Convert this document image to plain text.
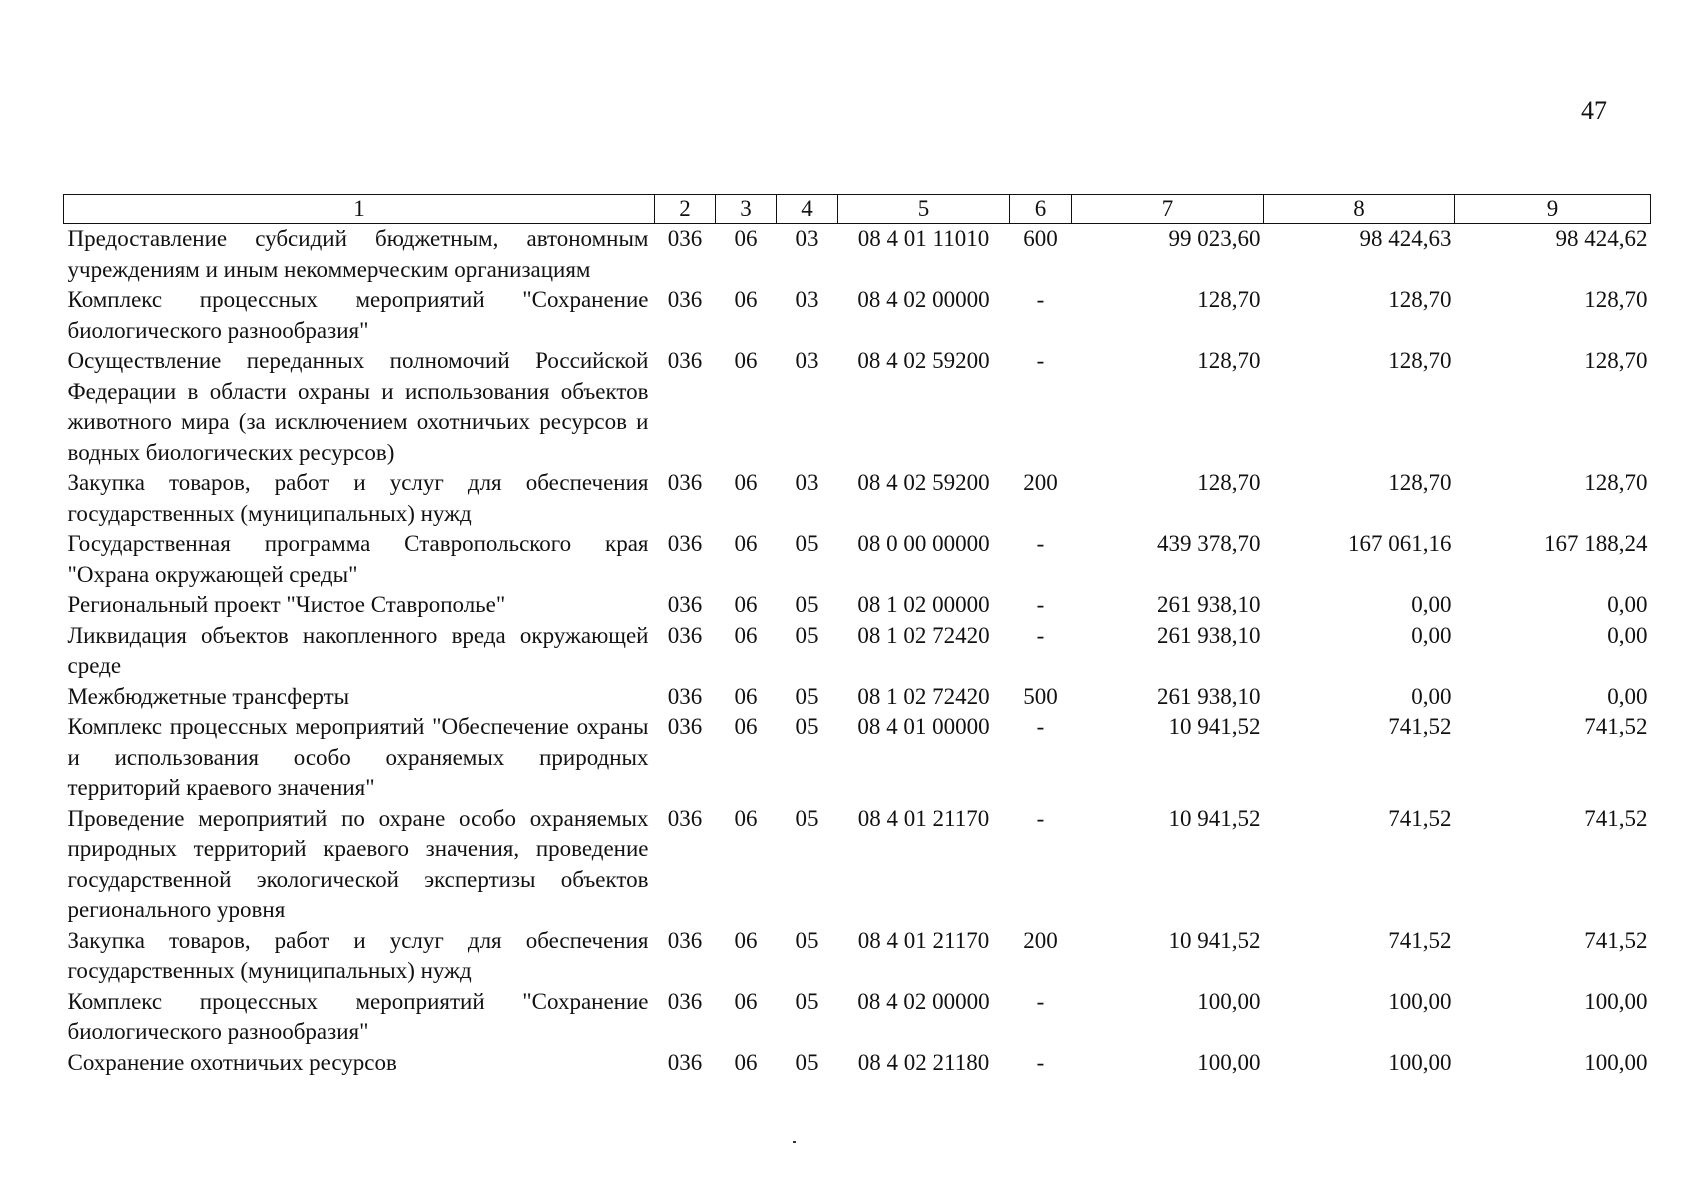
47
1	2	3	4	5	6	7	8	9
Предоставление субсидий бюджетным, автономным учреждениям и иным некоммерческим организациям	036	06	03	08 4 01 11010	600	99 023,60	98 424,63	98 424,62
Комплекс процессных мероприятий "Сохранение биологического разнообразия"	036	06	03	08 4 02 00000	-	128,70	128,70	128,70
Осуществление переданных полномочий Российской Федерации в области охраны и использования объектов животного мира (за исключением охотничьих ресурсов и водных биологических ресурсов)	036	06	03	08 4 02 59200	-	128,70	128,70	128,70
Закупка товаров, работ и услуг для обеспечения государственных (муниципальных) нужд	036	06	03	08 4 02 59200	200	128,70	128,70	128,70
Государственная программа Ставропольского края "Охрана окружающей среды"	036	06	05	08 0 00 00000	-	439 378,70	167 061,16	167 188,24
Региональный проект "Чистое Ставрополье"	036	06	05	08 1 02 00000	-	261 938,10	0,00	0,00
Ликвидация объектов накопленного вреда окружающей среде	036	06	05	08 1 02 72420	-	261 938,10	0,00	0,00
Межбюджетные трансферты	036	06	05	08 1 02 72420	500	261 938,10	0,00	0,00
Комплекс процессных мероприятий "Обеспечение охраны и использования особо охраняемых природных территорий краевого значения"	036	06	05	08 4 01 00000	-	10 941,52	741,52	741,52
Проведение мероприятий по охране особо охраняемых природных территорий краевого значения, проведение государственной экологической экспертизы объектов регионального уровня	036	06	05	08 4 01 21170	-	10 941,52	741,52	741,52
Закупка товаров, работ и услуг для обеспечения государственных (муниципальных) нужд	036	06	05	08 4 01 21170	200	10 941,52	741,52	741,52
Комплекс процессных мероприятий "Сохранение биологического разнообразия"	036	06	05	08 4 02 00000	-	100,00	100,00	100,00
Сохранение охотничьих ресурсов	036	06	05	08 4 02 21180	-	100,00	100,00	100,00
